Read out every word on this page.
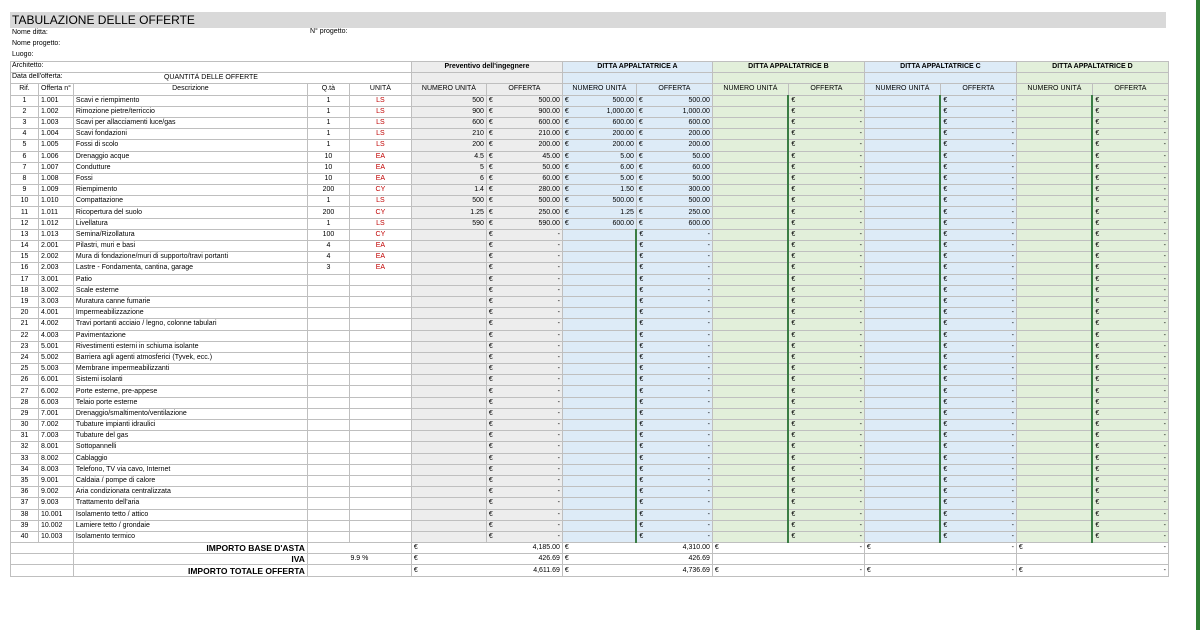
TABULAZIONE DELLE OFFERTE
Nome ditta:
Nome progetto:
Luogo:
Architetto:
Data dell'offerta:
N° progetto:
					Preventivo dell'ingegnere		DITTA APPALTATRICE A		DITTA APPALTATRICE B		DITTA APPALTATRICE C		DITTA APPALTATRICE D	
QUANTITÀ DELLE OFFERTE														
Rif.	Offerta n°	Descrizione	Q.tà	UNITÀ	NUMERO UNITÀ	OFFERTA	NUMERO UNITÀ	OFFERTA	NUMERO UNITÀ	OFFERTA	NUMERO UNITÀ	OFFERTA	NUMERO UNITÀ	OFFERTA
1	1.001	Scavi e riempimento	1	LS	500	€ 500.00	€ 500.00	€ 500.00		€ -		€ -		€ -

2	1.002	Rimozione pietre/terriccio	1	LS	900	€ 900.00	€ 1,000.00	€ 1,000.00		€ -		€ -		€ -

3	1.003	Scavi per allacciamenti luce/gas	1	LS	600	€ 600.00	€ 600.00	€ 600.00		€ -		€ -		€ -

4	1.004	Scavi fondazioni	1	LS	210	€ 210.00	€ 200.00	€ 200.00		€ -		€ -		€ -

5	1.005	Fossi di scolo	1	LS	200	€ 200.00	€ 200.00	€ 200.00		€ -		€ -		€ -

6	1.006	Drenaggio acque	10	EA	4.5	€ 45.00	€ 5.00	€ 50.00		€ -		€ -		€ -

7	1.007	Condutture	10	EA	5	€ 50.00	€ 6.00	€ 60.00		€ -		€ -		€ -

8	1.008	Fossi	10	EA	6	€ 60.00	€ 5.00	€ 50.00		€ -		€ -		€ -

9	1.009	Riempimento	200	CY	1.4	€ 280.00	€ 1.50	€ 300.00		€ -		€ -		€ -

10	1.010	Compattazione	1	LS	500	€ 500.00	€ 500.00	€ 500.00		€ -		€ -		€ -

11	1.011	Ricopertura del suolo	200	CY	1.25	€ 250.00	€ 1.25	€ 250.00		€ -		€ -		€ -

12	1.012	Livellatura	1	LS	590	€ 590.00	€ 600.00	€ 600.00		€ -		€ -		€ -

13	1.013	Semina/Rizollatura	100	CY		€ -		€ -		€ -		€ -		€ -

14	2.001	Pilastri, muri e basi	4	EA		€ -		€ -		€ -		€ -		€ -

15	2.002	Mura di fondazione/muri di supporto/travi portanti	4	EA		€ -		€ -		€ -		€ -		€ -

16	2.003	Lastre - Fondamenta, cantina, garage	3	EA		€ -		€ -		€ -		€ -		€ -

17	3.001	Patio				€ -		€ -		€ -		€ -		€ -

18	3.002	Scale esterne				€ -		€ -		€ -		€ -		€ -

19	3.003	Muratura canne fumarie				€ -		€ -		€ -		€ -		€ -

20	4.001	Impermeabilizzazione				€ -		€ -		€ -		€ -		€ -

21	4.002	Travi portanti acciaio / legno, colonne tabulari				€ -		€ -		€ -		€ -		€ -

22	4.003	Pavimentazione				€ -		€ -		€ -		€ -		€ -

23	5.001	Rivestimenti esterni in schiuma isolante				€ -		€ -		€ -		€ -		€ -

24	5.002	Barriera agli agenti atmosferici (Tyvek, ecc.)				€ -		€ -		€ -		€ -		€ -

25	5.003	Membrane impermeabilizzanti				€ -		€ -		€ -		€ -		€ -

26	6.001	Sistemi isolanti				€ -		€ -		€ -		€ -		€ -

27	6.002	Porte esterne, pre-appese				€ -		€ -		€ -		€ -		€ -

28	6.003	Telaio porte esterne				€ -		€ -		€ -		€ -		€ -

29	7.001	Drenaggio/smaltimento/ventilazione				€ -		€ -		€ -		€ -		€ -

30	7.002	Tubature impianti idraulici				€ -		€ -		€ -		€ -		€ -

31	7.003	Tubature del gas				€ -		€ -		€ -		€ -		€ -

32	8.001	Sottopannelli				€ -		€ -		€ -		€ -		€ -

33	8.002	Cablaggio				€ -		€ -		€ -		€ -		€ -

34	8.003	Telefono, TV via cavo, Internet				€ -		€ -		€ -		€ -		€ -

35	9.001	Caldaia / pompe di calore				€ -		€ -		€ -		€ -		€ -

36	9.002	Aria condizionata centralizzata				€ -		€ -		€ -		€ -		€ -

37	9.003	Trattamento dell'aria				€ -		€ -		€ -		€ -		€ -

38	10.001	Isolamento tetto / attico				€ -		€ -		€ -		€ -		€ -

39	10.002	Lamiere tetto / grondaie				€ -		€ -		€ -		€ -		€ -

40	10.003	Isolamento termico				€ -		€ -		€ -		€ -		€ -

		IMPORTO BASE D'ASTA			€ 4,185.00		€ 4,310.00		€ -		€ -		€ -	

		IVA	9.9 %		€ 426.69		€ 426.69							

		IMPORTO TOTALE OFFERTA			€ 4,611.69		€ 4,736.69		€ -		€ -		€ -	
